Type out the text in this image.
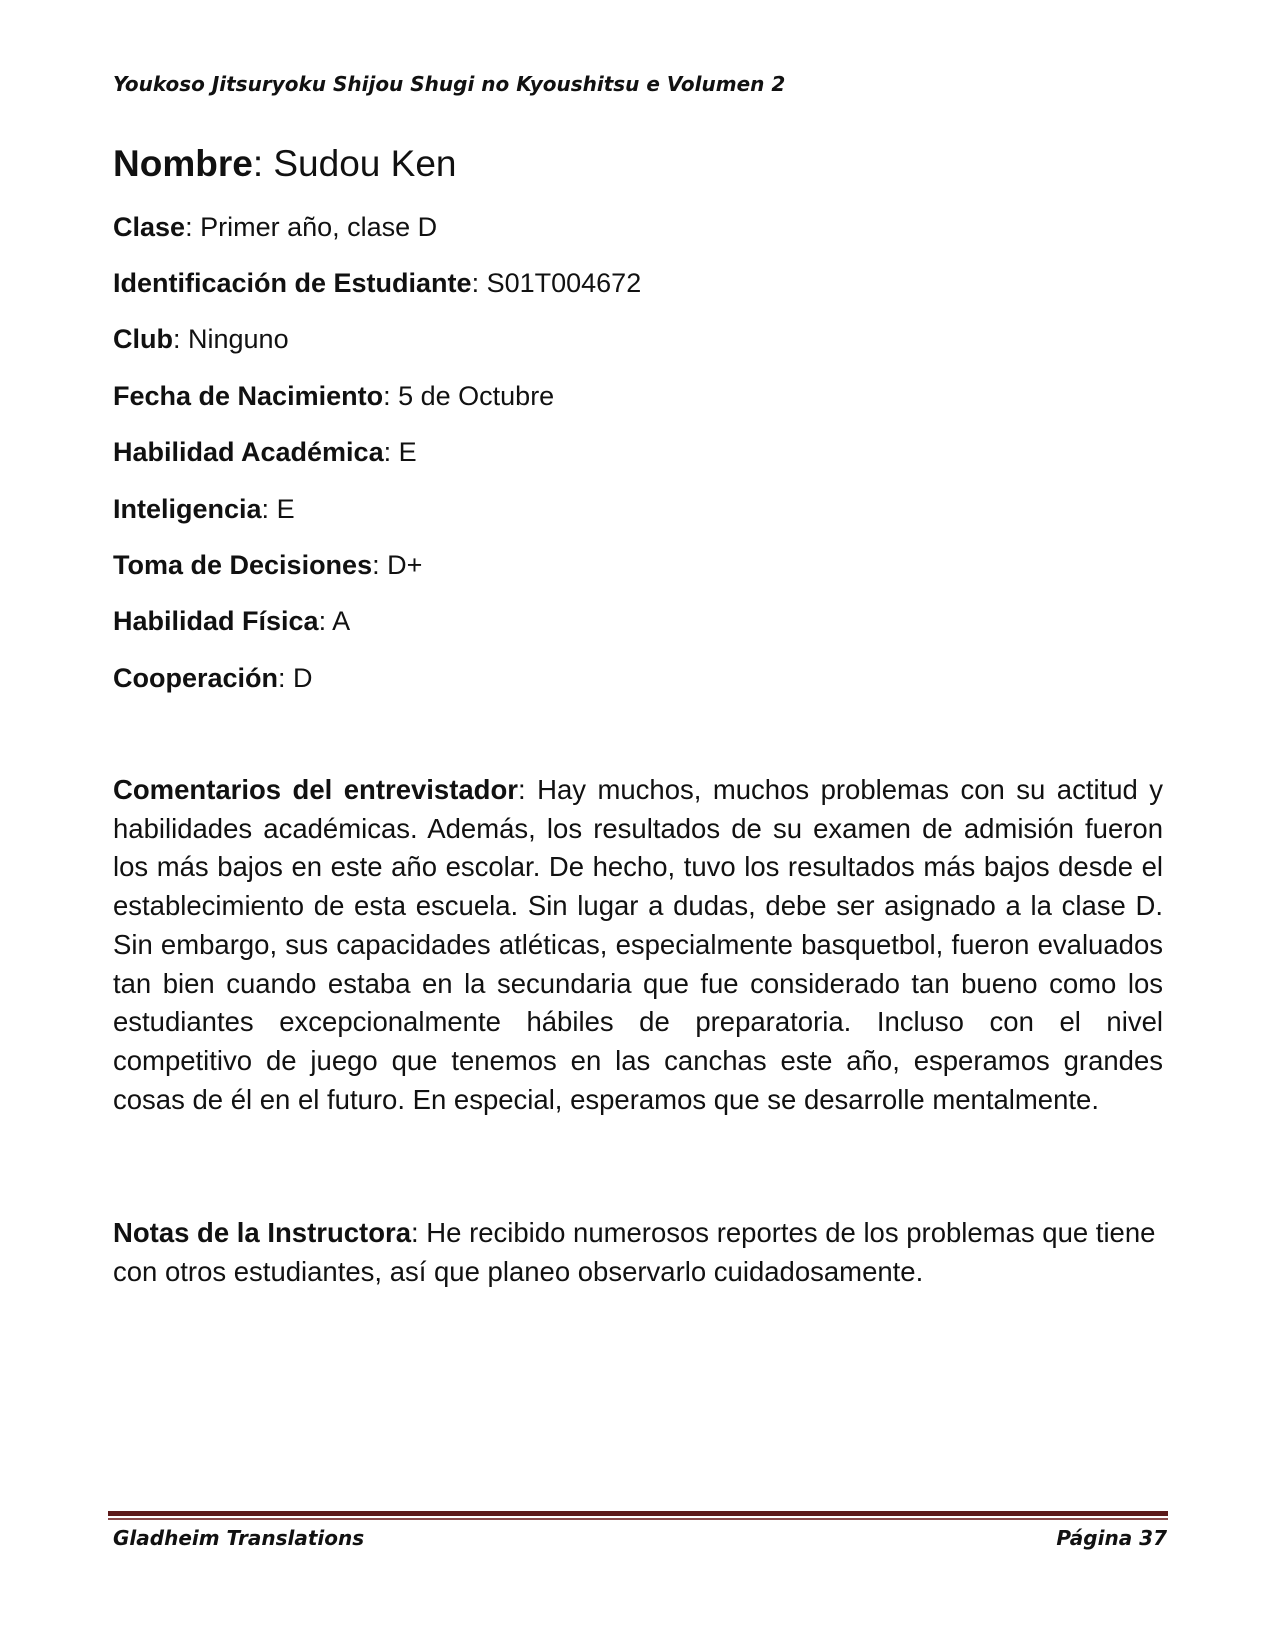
Youkoso Jitsuryoku Shijou Shugi no Kyoushitsu e Volumen 2

Nombre: Sudou Ken

Clase: Primer año, clase D

Identificación de Estudiante: S01T004672

Club: Ninguno

Fecha de Nacimiento: 5 de Octubre

Habilidad Académica: E

Inteligencia: E

Toma de Decisiones: D+

Habilidad Física: A

Cooperación: D

Comentarios del entrevistador: Hay muchos, muchos problemas con su actitud y habilidades académicas. Además, los resultados de su examen de admisión fueron los más bajos en este año escolar. De hecho, tuvo los resultados más bajos desde el establecimiento de esta escuela. Sin lugar a dudas, debe ser asignado a la clase D. Sin embargo, sus capacidades atléticas, especialmente basquetbol, fueron evaluados tan bien cuando estaba en la secundaria que fue considerado tan bueno como los estudiantes excepcionalmente hábiles de preparatoria. Incluso con el nivel competitivo de juego que tenemos en las canchas este año, esperamos grandes cosas de él en el futuro. En especial, esperamos que se desarrolle mentalmente.

Notas de la Instructora: He recibido numerosos reportes de los problemas que tiene con otros estudiantes, así que planeo observarlo cuidadosamente.

Gladheim Translations	Página 37
